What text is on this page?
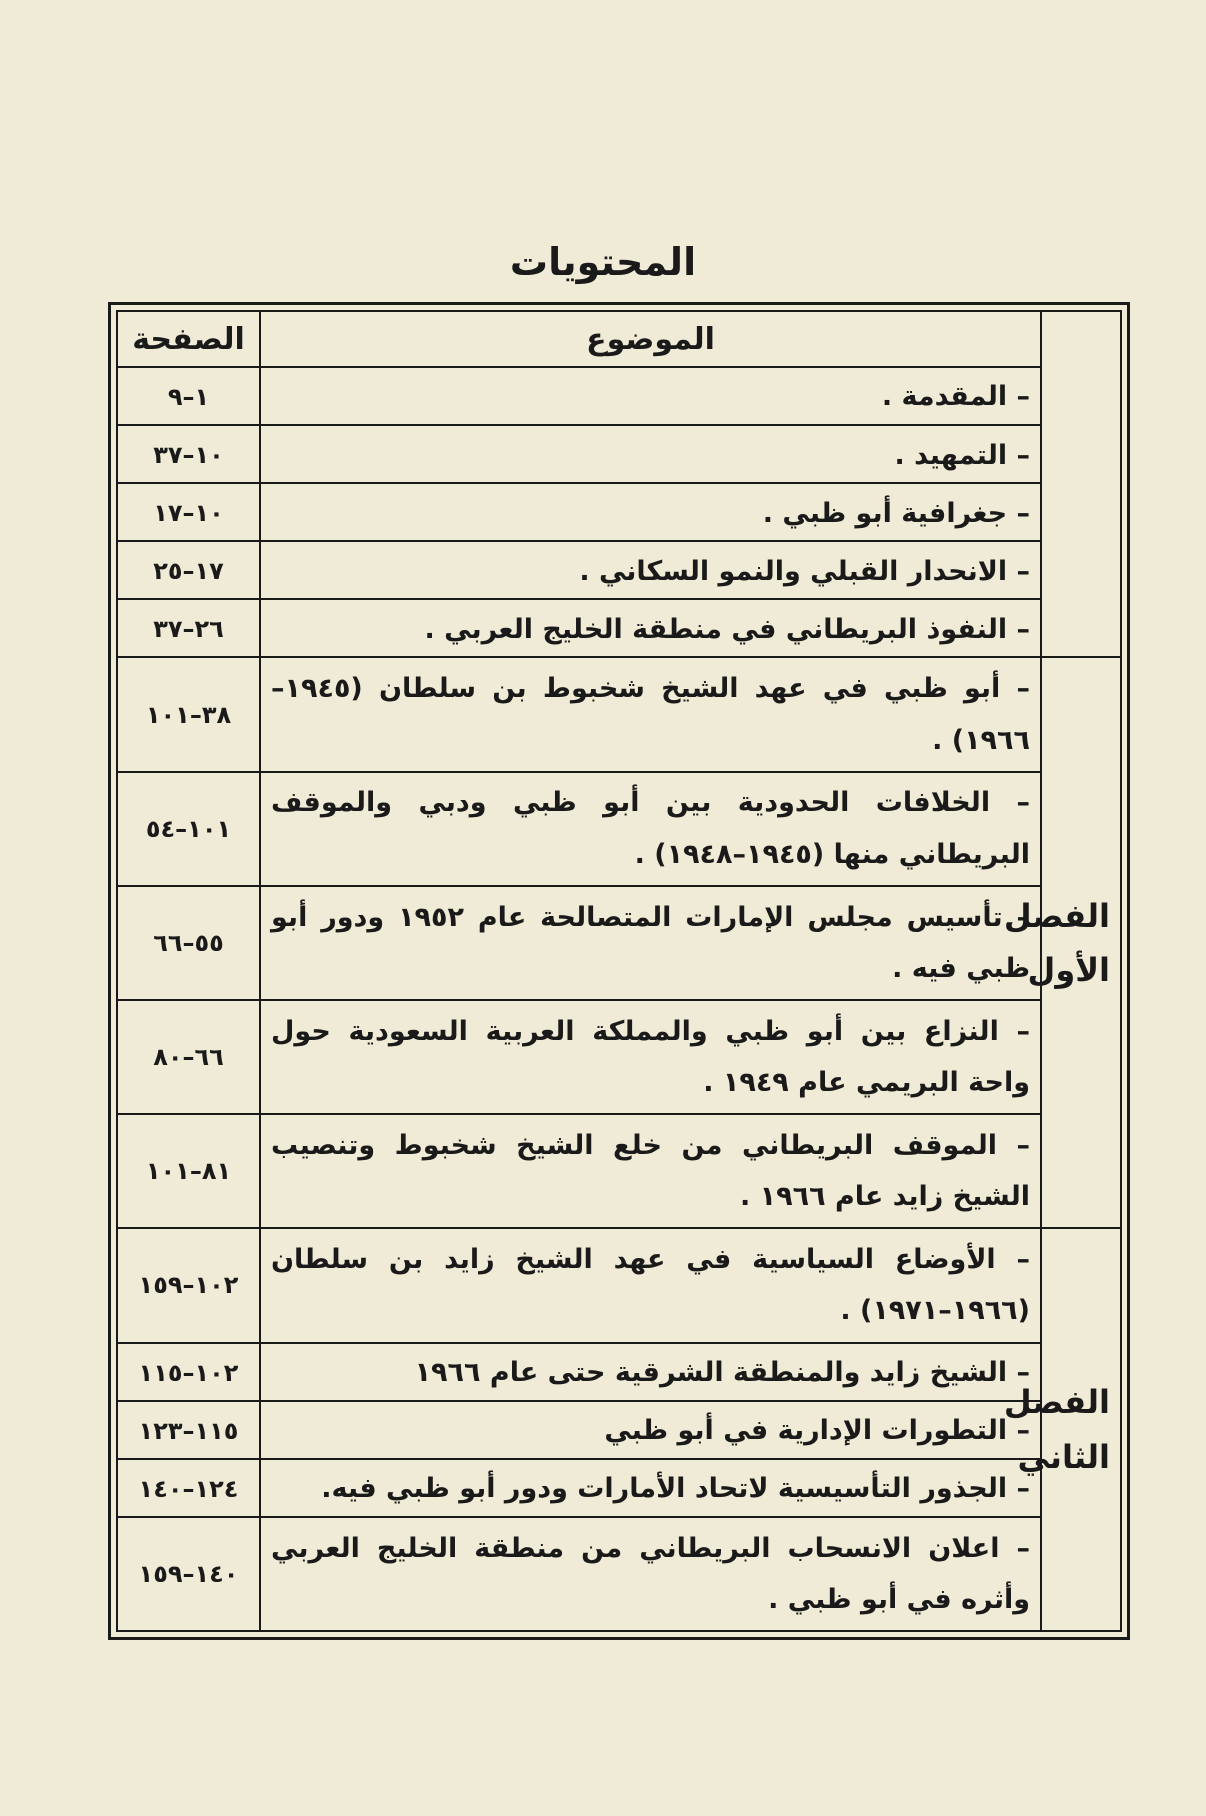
المحتويات
	الموضوع	الصفحة
	– المقدمة .	١–٩
	– التمهيد .	١٠–٣٧
	– جغرافية أبو ظبي .	١٠–١٧
	– الانحدار القبلي والنمو السكاني .	١٧–٢٥
	– النفوذ البريطاني في منطقة الخليج العربي .	٢٦–٣٧
الفصل الأول	– أبو ظبي في عهد الشيخ شخبوط بن سلطان (١٩٤٥–١٩٦٦) .	٣٨–١٠١
	– الخلافات الحدودية بين أبو ظبي ودبي والموقف البريطاني منها (١٩٤٥–١٩٤٨) .	١٠١–٥٤
	– تأسيس مجلس الإمارات المتصالحة عام ١٩٥٢ ودور أبو ظبي فيه .	٥٥–٦٦
	– النزاع بين أبو ظبي والمملكة العربية السعودية حول واحة البريمي عام ١٩٤٩ .	٦٦–٨٠
	– الموقف البريطاني من خلع الشيخ شخبوط وتنصيب الشيخ زايد عام ١٩٦٦ .	٨١–١٠١
الفصل الثاني	– الأوضاع السياسية في عهد الشيخ زايد بن سلطان (١٩٦٦–١٩٧١) .	١٠٢–١٥٩
	– الشيخ زايد والمنطقة الشرقية حتى عام ١٩٦٦	١٠٢–١١٥
	– التطورات الإدارية في أبو ظبي	١١٥–١٢٣
	– الجذور التأسيسية لاتحاد الأمارات ودور أبو ظبي فيه.	١٢٤–١٤٠
	– اعلان الانسحاب البريطاني من منطقة الخليج العربي وأثره في أبو ظبي .	١٤٠–١٥٩
